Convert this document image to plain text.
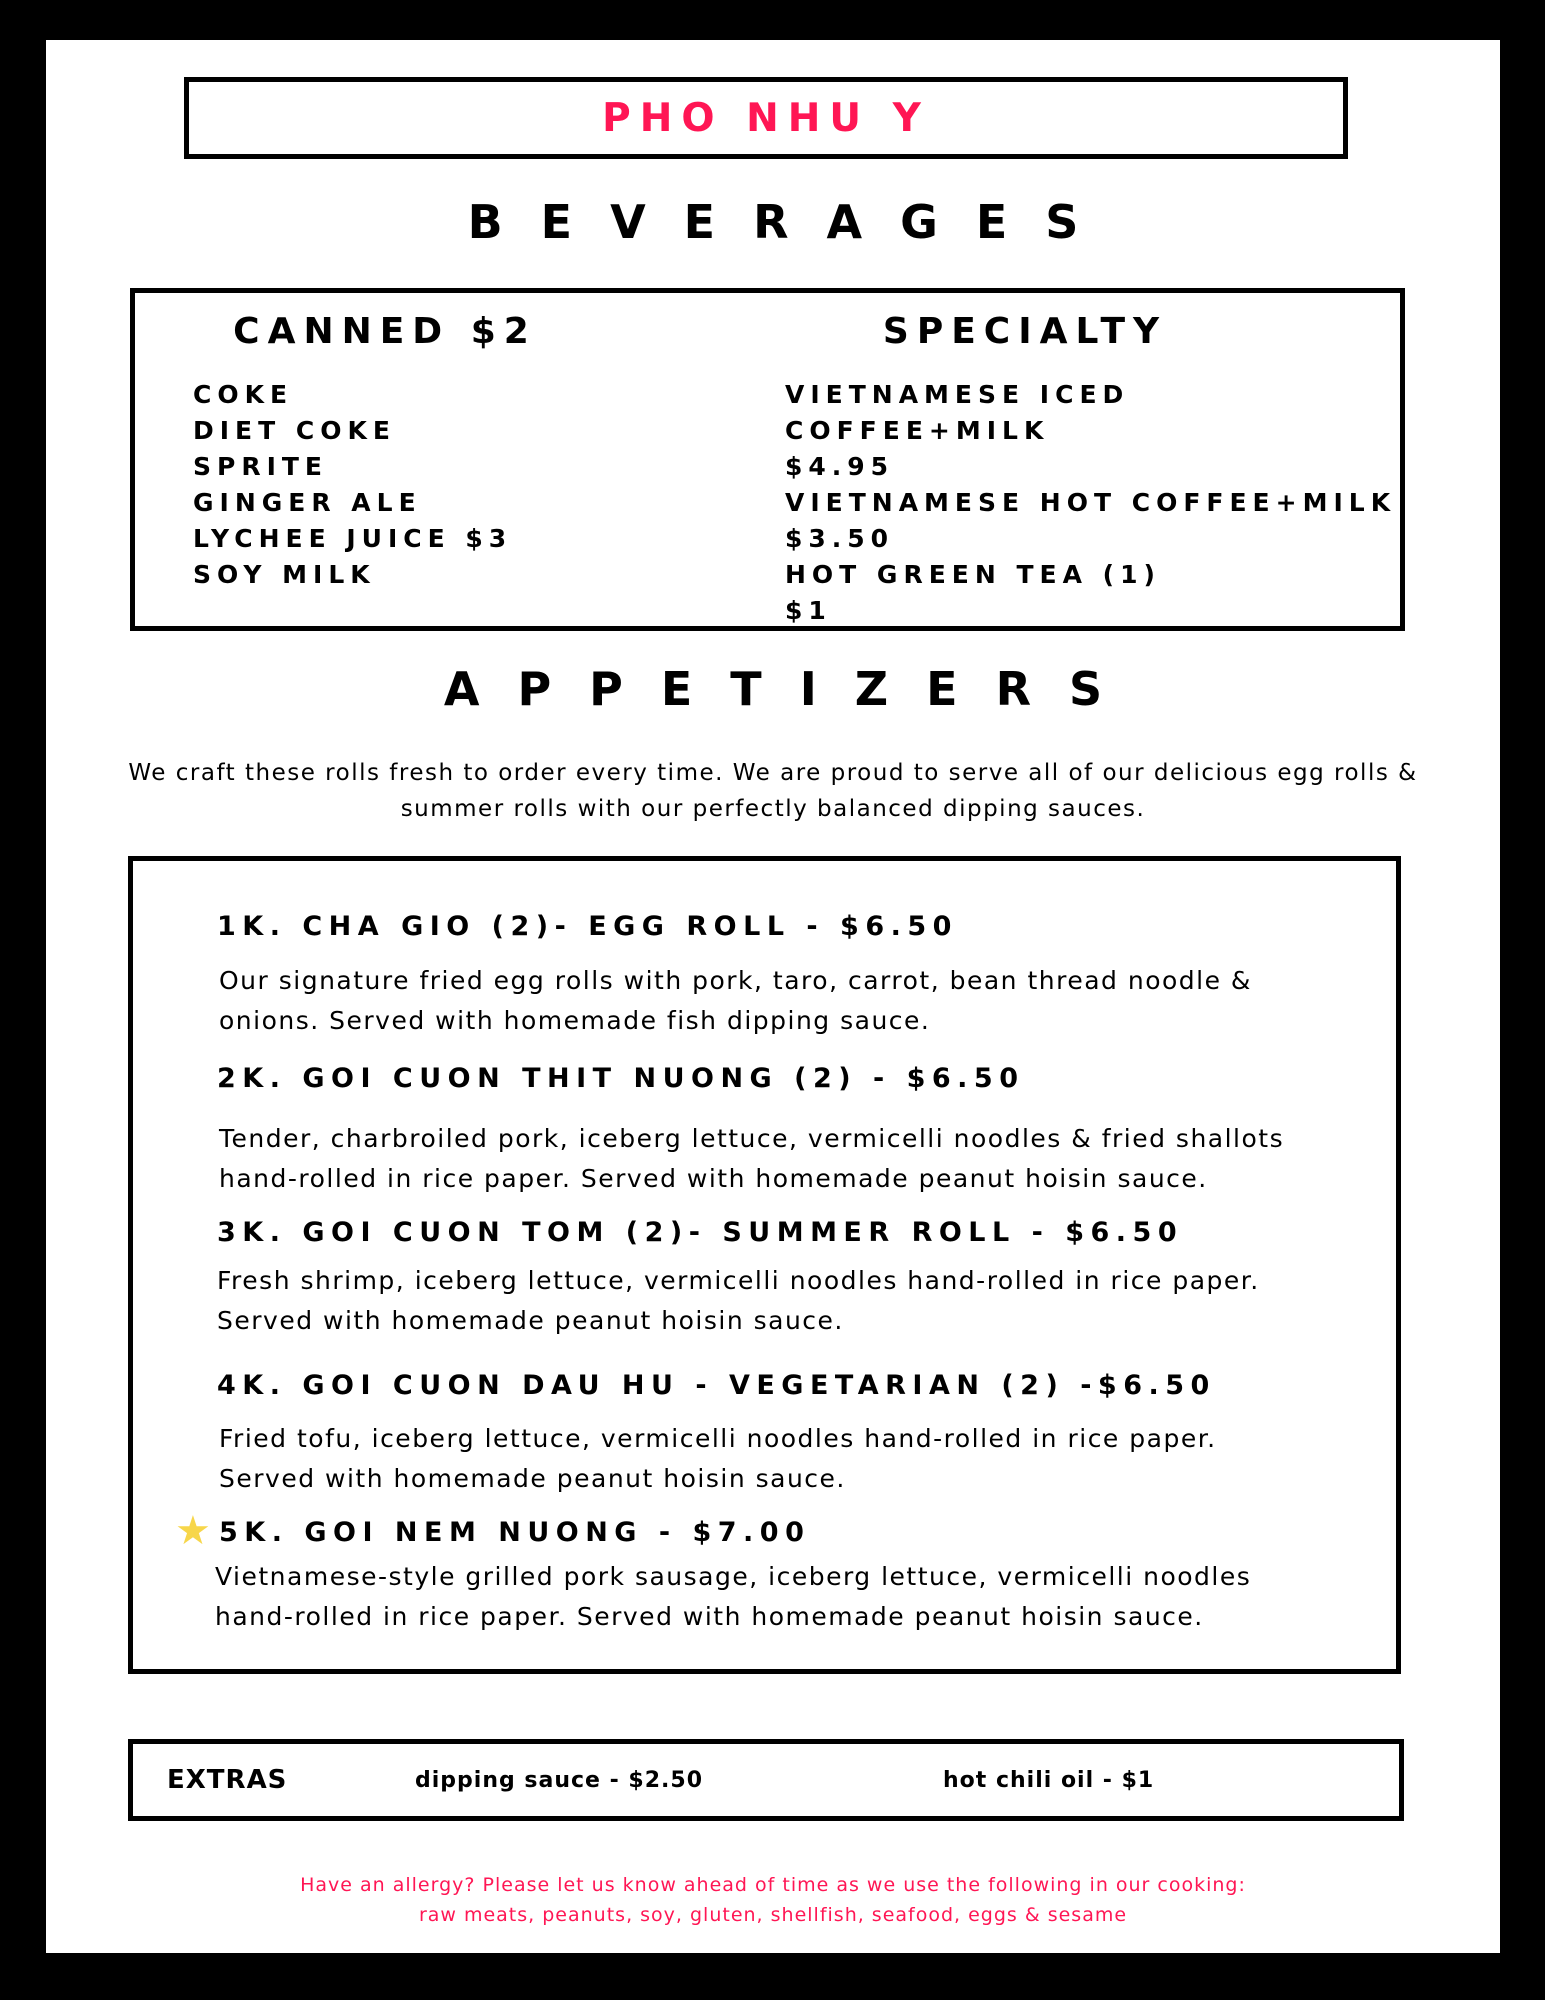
PHO NHU Y
BEVERAGES
CANNED $2
COKE
DIET COKE
SPRITE
GINGER ALE
LYCHEE JUICE $3
SOY MILK
SPECIALTY
VIETNAMESE ICED COFFEE+MILK
$4.95
VIETNAMESE HOT COFFEE+MILK
$3.50
HOT GREEN TEA (1)
$1
APPETIZERS
We craft these rolls fresh to order every time. We are proud to serve all of our delicious egg rolls &
summer rolls with our perfectly balanced dipping sauces.
1K. CHA GIO (2)- EGG ROLL - $6.50
Our signature fried egg rolls with pork, taro, carrot, bean thread noodle &
onions. Served with homemade fish dipping sauce.
2K. GOI CUON THIT NUONG (2) - $6.50
Tender, charbroiled pork, iceberg lettuce, vermicelli noodles & fried shallots
hand-rolled in rice paper. Served with homemade peanut hoisin sauce.
3K. GOI CUON TOM (2)- SUMMER ROLL - $6.50
Fresh shrimp, iceberg lettuce, vermicelli noodles hand-rolled in rice paper.
Served with homemade peanut hoisin sauce.
4K. GOI CUON DAU HU - VEGETARIAN (2) -$6.50
Fried tofu, iceberg lettuce, vermicelli noodles hand-rolled in rice paper.
Served with homemade peanut hoisin sauce.
★ 5K. GOI NEM NUONG - $7.00
Vietnamese-style grilled pork sausage, iceberg lettuce, vermicelli noodles
hand-rolled in rice paper. Served with homemade peanut hoisin sauce.
EXTRAS	dipping sauce - $2.50	hot chili oil - $1
Have an allergy? Please let us know ahead of time as we use the following in our cooking:
raw meats, peanuts, soy, gluten, shellfish, seafood, eggs & sesame
